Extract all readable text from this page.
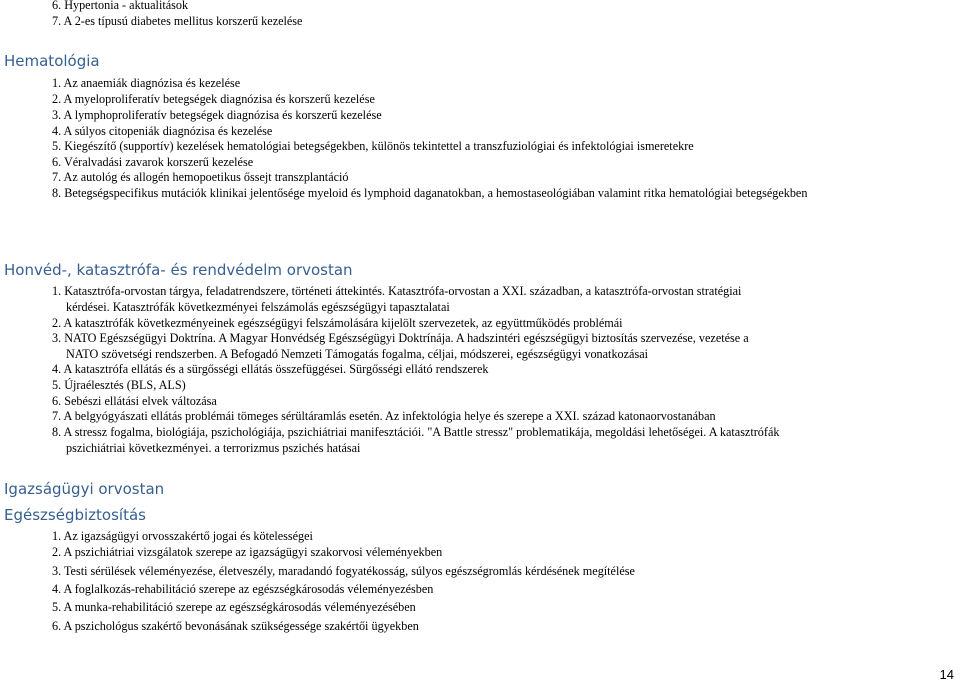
6. Hypertonia - aktualitások
7. A 2-es típusú diabetes mellitus korszerű kezelése
Hematológia
1. Az anaemiák diagnózisa és kezelése
2. A myeloproliferatív betegségek diagnózisa és korszerű kezelése
3. A lymphoproliferatív betegségek diagnózisa és korszerű kezelése
4. A súlyos citopeniák diagnózisa és kezelése
5. Kiegészítő (supportív) kezelések hematológiai betegségekben, különös tekintettel a transzfuziológiai és infektológiai ismeretekre
6. Véralvadási zavarok korszerű kezelése
7. Az autológ és allogén hemopoetikus őssejt transzplantáció
8. Betegségspecifikus mutációk klinikai jelentősége myeloid és lymphoid daganatokban, a hemostaseológiában valamint ritka hematológiai betegségekben
Honvéd-, katasztrófa- és rendvédelm orvostan
1. Katasztrófa-orvostan tárgya, feladatrendszere, történeti áttekintés. Katasztrófa-orvostan a XXI. században, a katasztrófa-orvostan stratégiai
kérdései. Katasztrófák következményei felszámolás egészségügyi tapasztalatai
2. A katasztrófák következményeinek egészségügyi felszámolására kijelölt szervezetek, az együttműködés problémái
3. NATO Egészségügyi Doktrína. A Magyar Honvédség Egészségügyi Doktrínája. A hadszintéri egészségügyi biztosítás szervezése, vezetése a
NATO szövetségi rendszerben. A Befogadó Nemzeti Támogatás fogalma, céljai, módszerei, egészségügyi vonatkozásai
4. A katasztrófa ellátás és a sürgősségi ellátás összefüggései. Sürgősségi ellátó rendszerek
5. Újraélesztés (BLS, ALS)
6. Sebészi ellátási elvek változása
7. A belgyógyászati ellátás problémái tömeges sérültáramlás esetén. Az infektológia helye és szerepe a XXI. század katonaorvostanában
8. A stressz fogalma, biológiája, pszichológiája, pszichiátriai manifesztációi. "A Battle stressz" problematikája, megoldási lehetőségei. A katasztrófák
pszichiátriai következményei. a terrorizmus pszichés hatásai
Igazságügyi orvostan
Egészségbiztosítás
1. Az igazságügyi orvosszakértő jogai és kötelességei
2. A pszichiátriai vizsgálatok szerepe az igazságügyi szakorvosi véleményekben
3. Testi sérülések véleményezése, életveszély, maradandó fogyatékosság, súlyos egészségromlás kérdésének megítélése
4. A foglalkozás-rehabilitáció szerepe az egészségkárosodás véleményezésben
5. A munka-rehabilitáció szerepe az egészségkárosodás véleményezésében
6. A pszichológus szakértő bevonásának szükségessége szakértői ügyekben
14
